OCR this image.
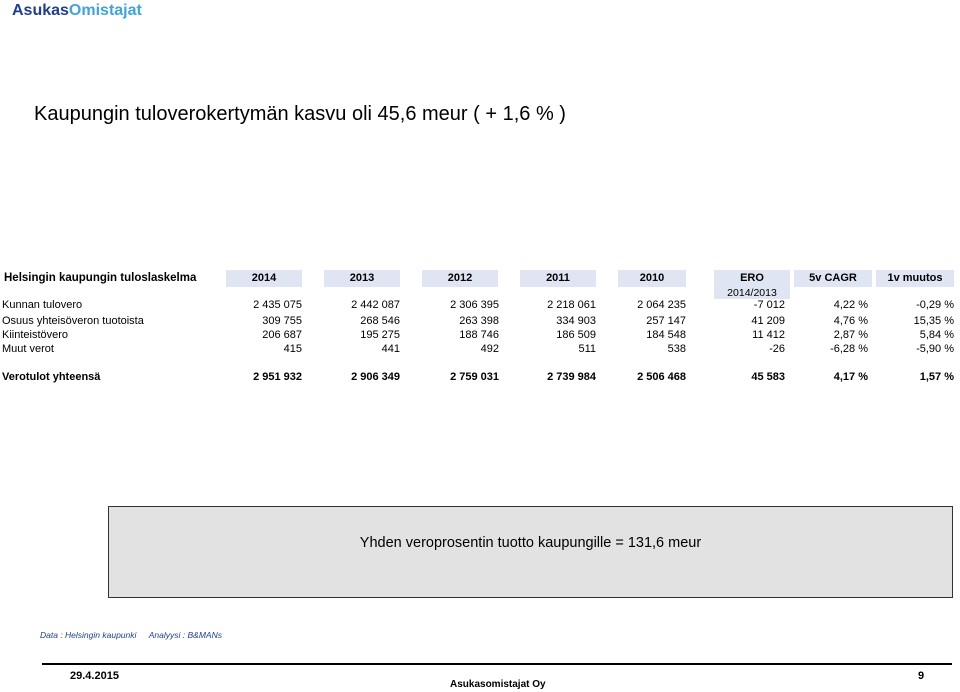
AsukasOmistajat
Kaupungin tuloverokertymän kasvu oli 45,6 meur ( + 1,6 % )
Helsingin kaupungin tuloslaskelma	2014	2013	2012	2011	2010	ERO	5v CAGR	1v muutos
2014/2013
Kunnan tulovero	2 435 075	2 442 087	2 306 395	2 218 061	2 064 235	-7 012	4,22 %	-0,29 %
Osuus yhteisöveron tuotoista	309 755	268 546	263 398	334 903	257 147	41 209	4,76 %	15,35 %
Kiinteistövero	206 687	195 275	188 746	186 509	184 548	11 412	2,87 %	5,84 %
Muut verot	415	441	492	511	538	-26	-6,28 %	-5,90 %
Verotulot yhteensä	2 951 932	2 906 349	2 759 031	2 739 984	2 506 468	45 583	4,17 %	1,57 %
Yhden veroprosentin tuotto kaupungille = 131,6 meur
Data : Helsingin kaupunki Analyysi : B&MANs
29.4.2015
Asukasomistajat Oy
9
